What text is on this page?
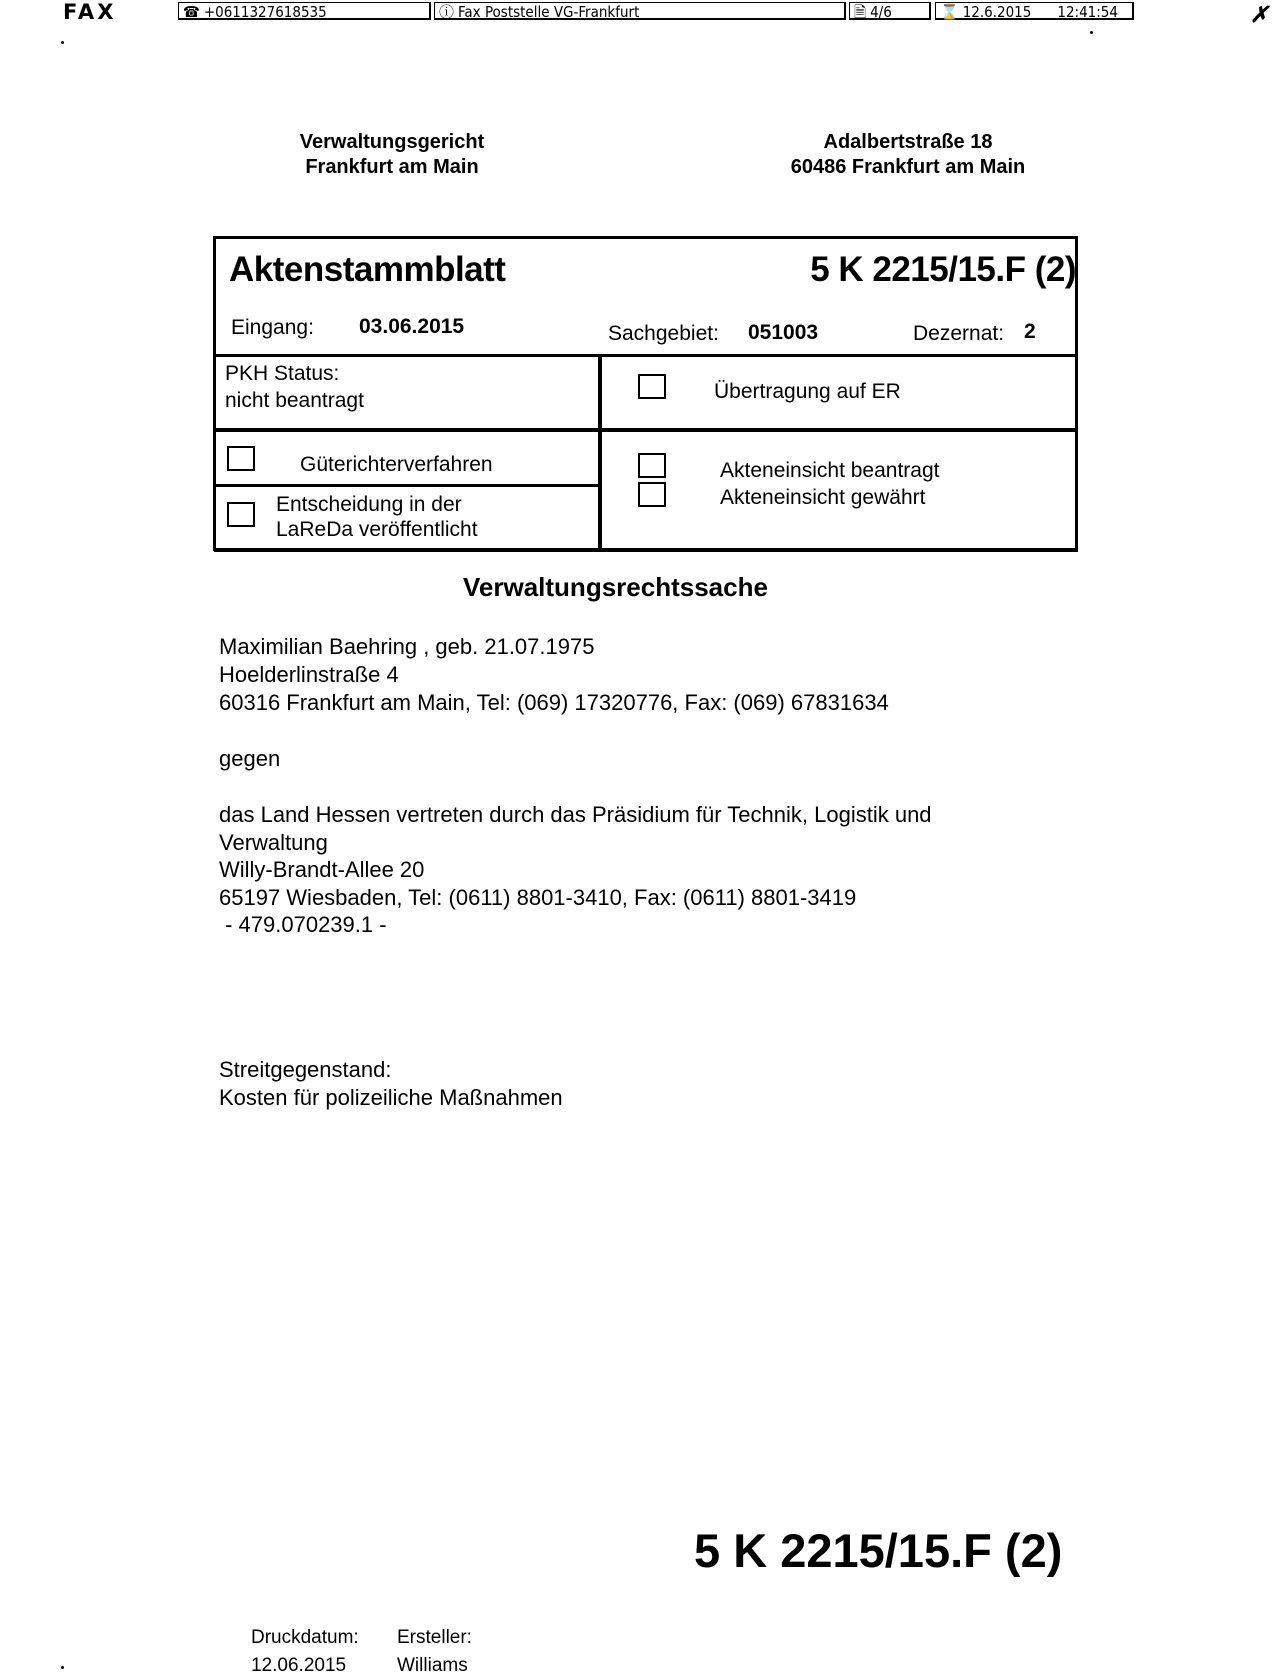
FAX	☎ +0611327618535	ⓘ Fax Poststelle VG-Frankfurt	🗎 4/6	⌛ 12.6.2015 12:41:54	✗
Verwaltungsgericht
Frankfurt am Main
Adalbertstraße 18
60486 Frankfurt am Main
Aktenstammblatt	5 K 2215/15.F (2)
Eingang: 03.06.2015	Sachgebiet: 051003	Dezernat: 2
PKH Status:
nicht beantragt	Übertragung auf ER
Güterichterverfahren
Entscheidung in der
LaReDa veröffentlicht
Akteneinsicht beantragt
Akteneinsicht gewährt
Verwaltungsrechtssache
Maximilian Baehring , geb. 21.07.1975
Hoelderlinstraße 4
60316 Frankfurt am Main, Tel: (069) 17320776, Fax: (069) 67831634
gegen
das Land Hessen vertreten durch das Präsidium für Technik, Logistik und
Verwaltung
Willy-Brandt-Allee 20
65197 Wiesbaden, Tel: (0611) 8801-3410, Fax: (0611) 8801-3419
- 479.070239.1 -
Streitgegenstand:
Kosten für polizeiliche Maßnahmen
5 K 2215/15.F (2)
Druckdatum:
12.06.2015
Ersteller:
Williams
